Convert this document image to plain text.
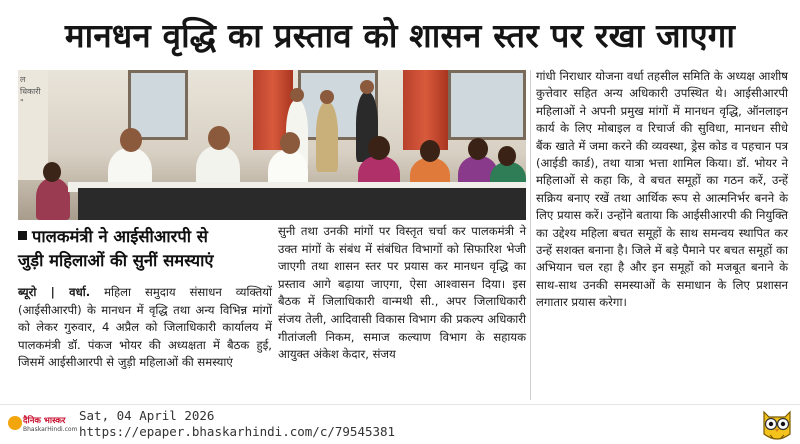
मानधन वृद्धि का प्रस्ताव को शासन स्तर पर रखा जाएगा
ल
धिकारी
"
पालकमंत्री ने आईसीआरपी से
जुड़ी महिलाओं की सुनीं समस्याएं
ब्यूरो | वर्धा. महिला समुदाय संसाधन व्यक्तियों (आईसीआरपी) के मानधन में वृद्धि तथा अन्य विभिन्न मांगों को लेकर गुरुवार, 4 अप्रैल को जिलाधिकारी कार्यालय में पालकमंत्री डॉ. पंकज भोयर की अध्यक्षता में बैठक हुई, जिसमें आईसीआरपी से जुड़ी महिलाओं की समस्याएं
सुनी तथा उनकी मांगों पर विस्तृत चर्चा कर पालकमंत्री ने उक्त मांगों के संबंध में संबंधित विभागों को सिफारिश भेजी जाएगी तथा शासन स्तर पर प्रयास कर मानधन वृद्धि का प्रस्ताव आगे बढ़ाया जाएगा, ऐसा आश्वासन दिया। इस बैठक में जिलाधिकारी वान्मथी सी., अपर जिलाधिकारी संजय तेली, आदिवासी विकास विभाग की प्रकल्प अधिकारी गीतांजली निकम, समाज कल्याण विभाग के सहायक आयुक्त अंकेश केदार, संजय
गांधी निराधार योजना वर्धा तहसील समिति के अध्यक्ष आशीष कुत्तेवार सहित अन्य अधिकारी उपस्थित थे। आईसीआरपी महिलाओं ने अपनी प्रमुख मांगों में मानधन वृद्धि, ऑनलाइन कार्य के लिए मोबाइल व रिचार्ज की सुविधा, मानधन सीधे बैंक खाते में जमा करने की व्यवस्था, ड्रेस कोड व पहचान पत्र (आईडी कार्ड), तथा यात्रा भत्ता शामिल किया। डॉ. भोयर ने महिलाओं से कहा कि, वे बचत समूहों का गठन करें, उन्हें सक्रिय बनाए रखें तथा आर्थिक रूप से आत्मनिर्भर बनने के लिए प्रयास करें। उन्होंने बताया कि आईसीआरपी की नियुक्ति का उद्देश्य महिला बचत समूहों के साथ समन्वय स्थापित कर उन्हें सशक्त बनाना है। जिले में बड़े पैमाने पर बचत समूहों का अभियान चल रहा है और इन समूहों को मजबूत बनाने के साथ-साथ उनकी समस्याओं के समाधान के लिए प्रशासन लगातार प्रयास करेगा।
दैनिक भास्कर
BhaskarHindi.com
Sat, 04 April 2026
https://epaper.bhaskarhindi.com/c/79545381
